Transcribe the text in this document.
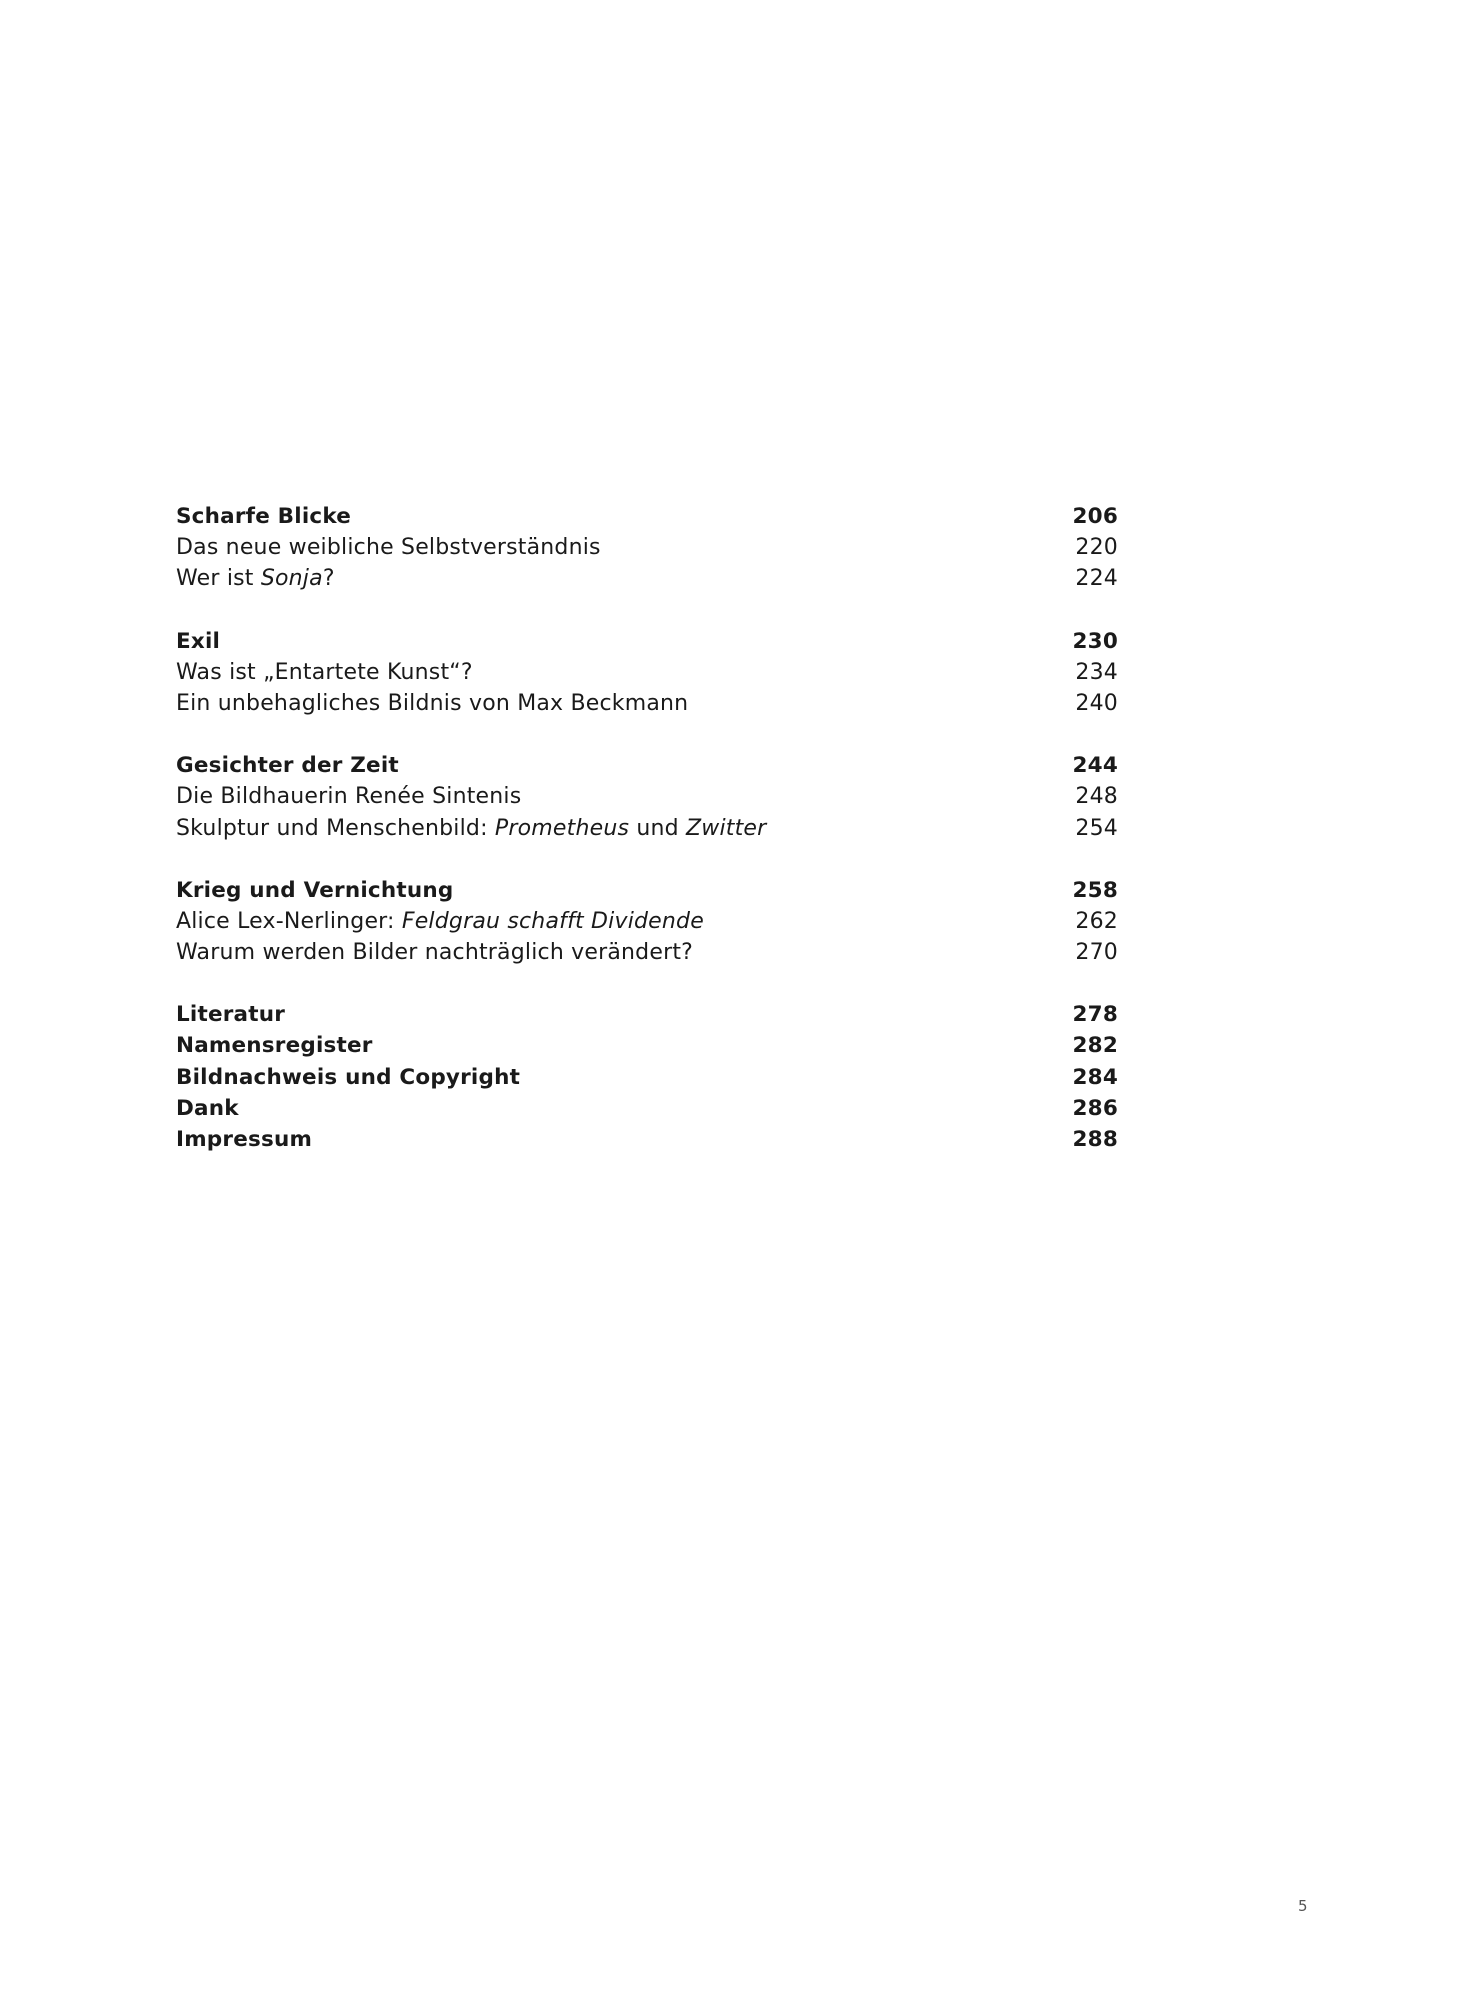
Scharfe Blicke	206
Das neue weibliche Selbstverständnis	220
Wer ist Sonja?	224
Exil	230
Was ist „Entartete Kunst“?	234
Ein unbehagliches Bildnis von Max Beckmann	240
Gesichter der Zeit	244
Die Bildhauerin Renée Sintenis	248
Skulptur und Menschenbild: Prometheus und Zwitter	254
Krieg und Vernichtung	258
Alice Lex-Nerlinger: Feldgrau schafft Dividende	262
Warum werden Bilder nachträglich verändert?	270
Literatur	278
Namensregister	282
Bildnachweis und Copyright	284
Dank	286
Impressum	288
5
